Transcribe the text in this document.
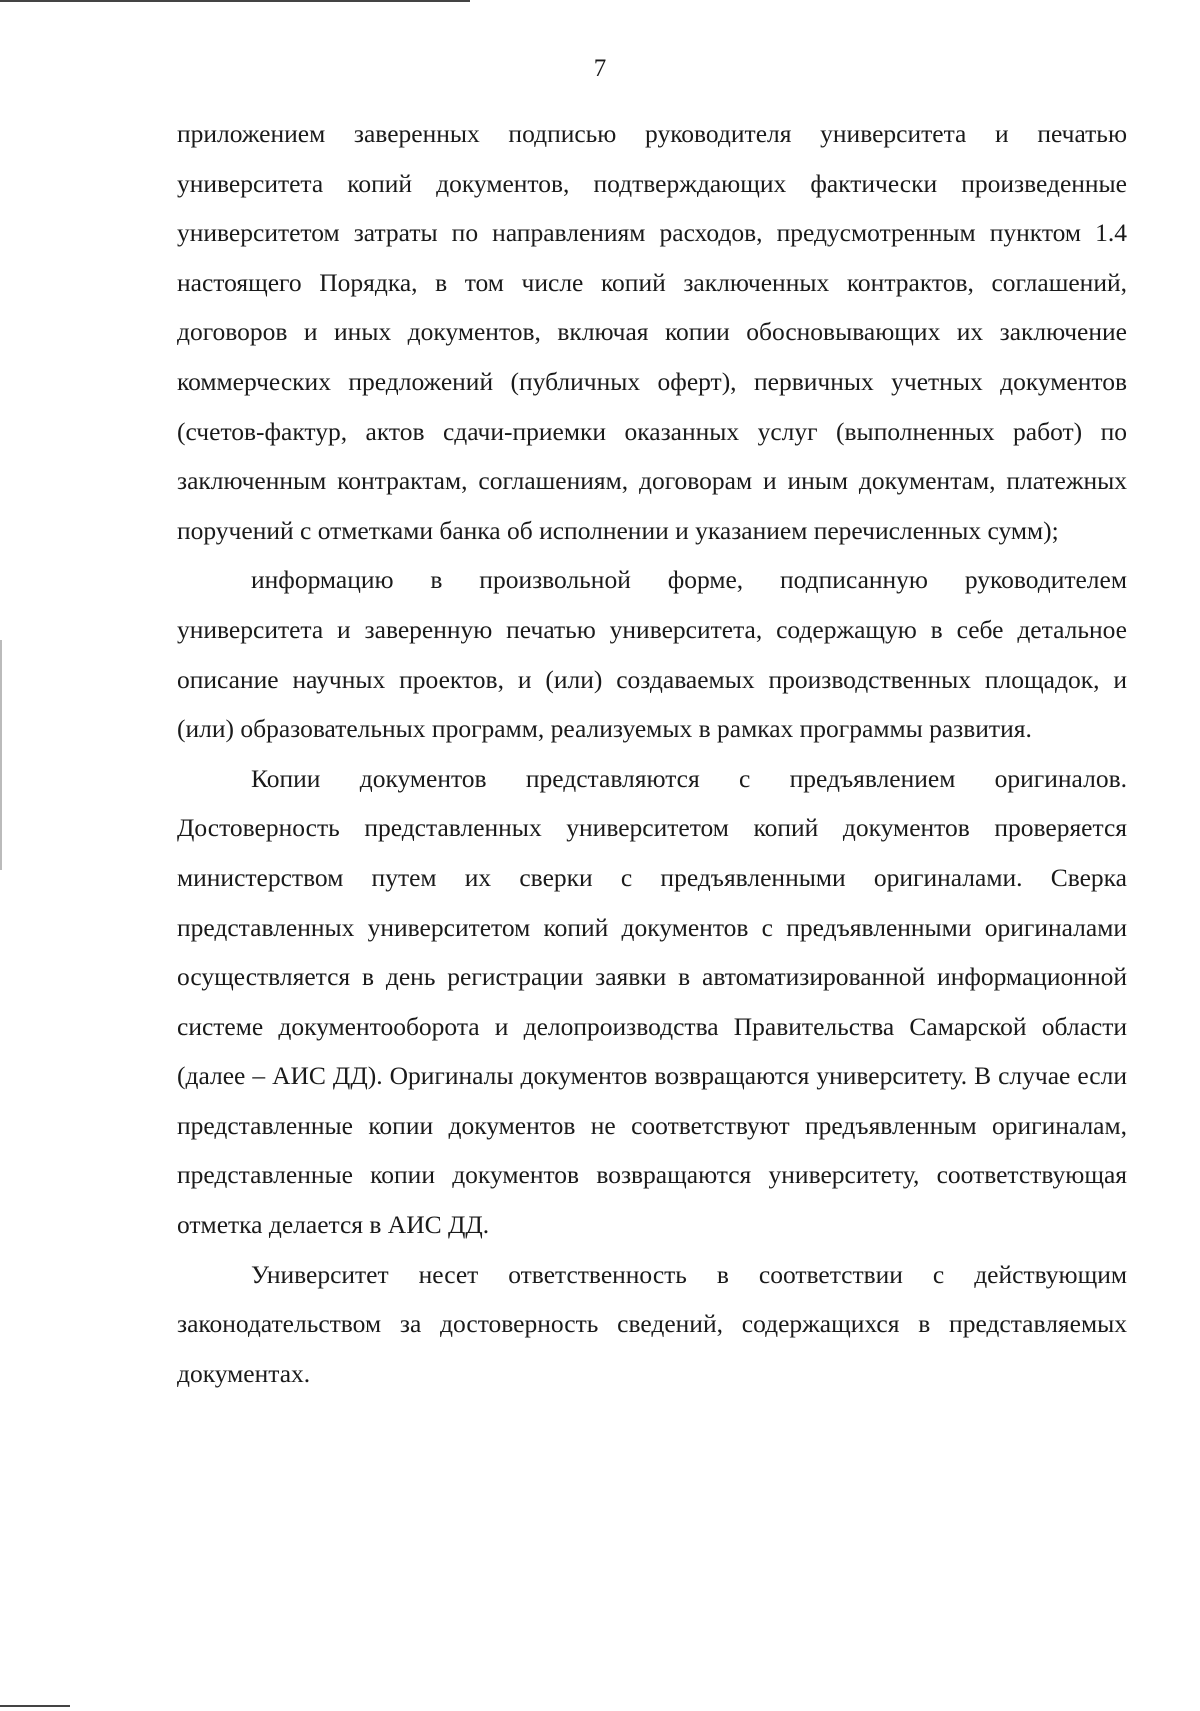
7

приложением заверенных подписью руководителя университета и печатью университета копий документов, подтверждающих фактически произведенные университетом затраты по направлениям расходов, предусмотренным пунктом 1.4 настоящего Порядка, в том числе копий заключенных контрактов, соглашений, договоров и иных документов, включая копии обосновывающих их заключение коммерческих предложений (публичных оферт), первичных учетных документов (счетов-фактур, актов сдачи-приемки оказанных услуг (выполненных работ) по заключенным контрактам, соглашениям, договорам и иным документам, платежных поручений с отметками банка об исполнении и указанием перечисленных сумм);

информацию в произвольной форме, подписанную руководителем университета и заверенную печатью университета, содержащую в себе детальное описание научных проектов, и (или) создаваемых производственных площадок, и (или) образовательных программ, реализуемых в рамках программы развития.

Копии документов представляются с предъявлением оригиналов. Достоверность представленных университетом копий документов проверяется министерством путем их сверки с предъявленными оригиналами. Сверка представленных университетом копий документов с предъявленными оригиналами осуществляется в день регистрации заявки в автоматизированной информационной системе документооборота и делопроизводства Правительства Самарской области (далее – АИС ДД). Оригиналы документов возвращаются университету. В случае если представленные копии документов не соответствуют предъявленным оригиналам, представленные копии документов возвращаются университету, соответствующая отметка делается в АИС ДД.

Университет несет ответственность в соответствии с действующим законодательством за достоверность сведений, содержащихся в представляемых документах.
